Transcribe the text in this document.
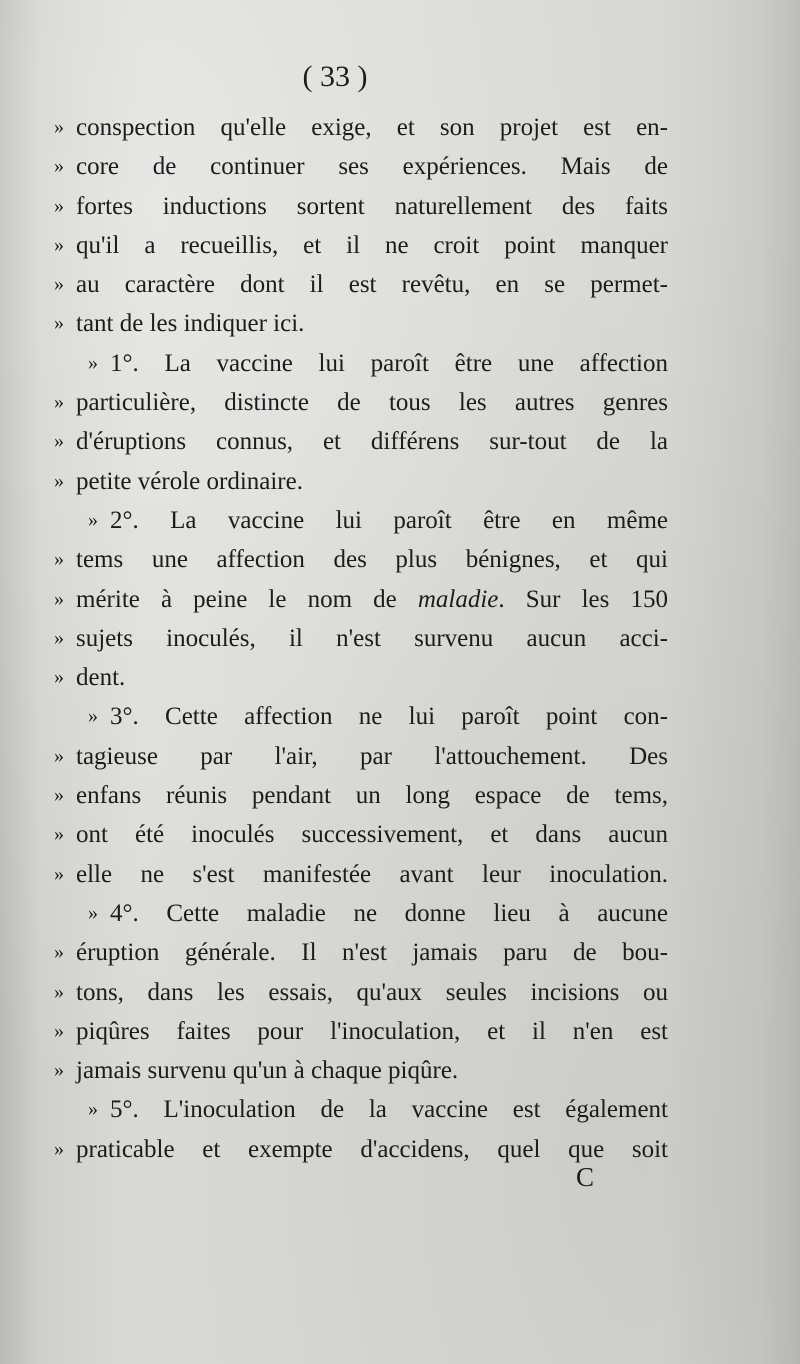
( 33 )
» conspection qu'elle exige, et son projet est en-
» core de continuer ses expériences. Mais de
» fortes inductions sortent naturellement des faits
» qu'il a recueillis, et il ne croit point manquer
» au caractère dont il est revêtu, en se permet-
» tant de les indiquer ici.
» 1°. La vaccine lui paroît être une affection
» particulière, distincte de tous les autres genres
» d'éruptions connus, et différens sur-tout de la
» petite vérole ordinaire.
» 2°. La vaccine lui paroît être en même
» tems une affection des plus bénignes, et qui
» mérite à peine le nom de maladie. Sur les 150
» sujets inoculés, il n'est survenu aucun acci-
» dent.
» 3°. Cette affection ne lui paroît point con-
» tagieuse par l'air, par l'attouchement. Des
» enfans réunis pendant un long espace de tems,
» ont été inoculés successivement, et dans aucun
» elle ne s'est manifestée avant leur inoculation.
» 4°. Cette maladie ne donne lieu à aucune
» éruption générale. Il n'est jamais paru de bou-
» tons, dans les essais, qu'aux seules incisions ou
» piqûres faites pour l'inoculation, et il n'en est
» jamais survenu qu'un à chaque piqûre.
» 5°. L'inoculation de la vaccine est également
» praticable et exempte d'accidens, quel que soit
C
